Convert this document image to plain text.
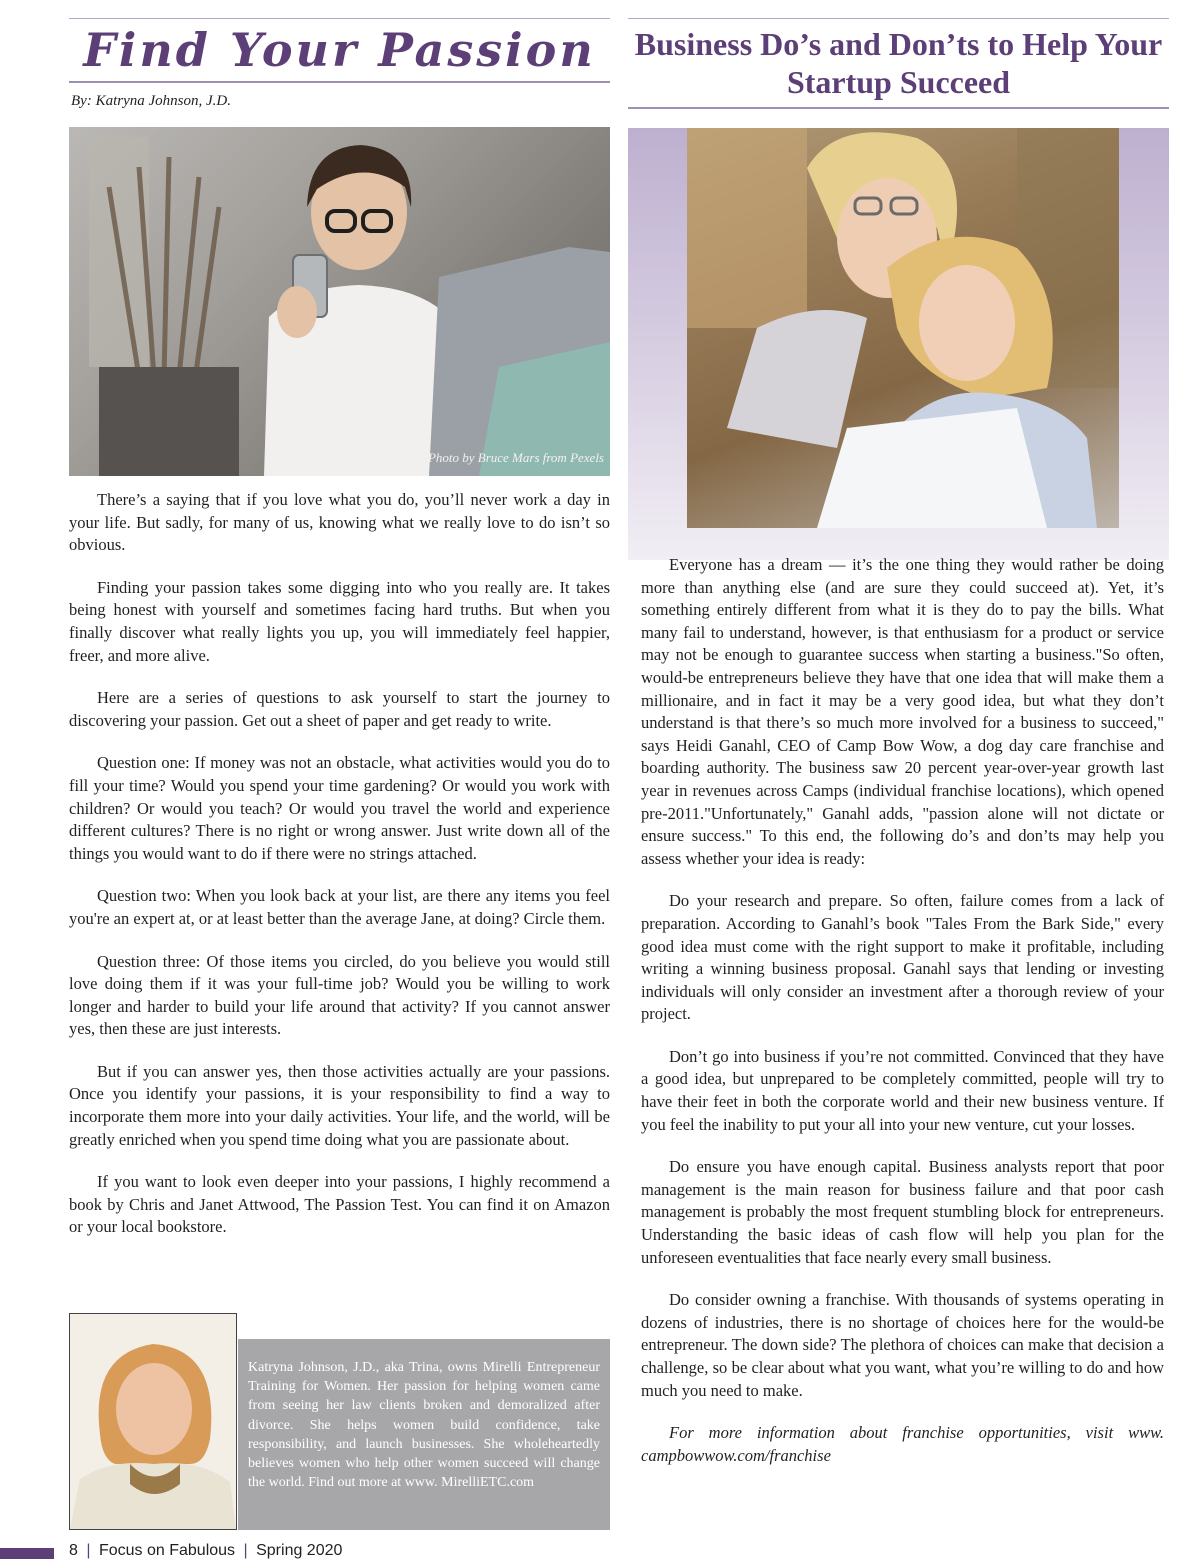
Find Your Passion
By: Katryna Johnson, J.D.
Photo by Bruce Mars from Pexels

There’s a saying that if you love what you do, you’ll never work a day in your life. But sadly, for many of us, knowing what we really love to do isn’t so obvious.

Finding your passion takes some digging into who you really are. It takes being honest with yourself and sometimes facing hard truths. But when you finally discover what really lights you up, you will immediately feel happier, freer, and more alive.

Here are a series of questions to ask yourself to start the journey to discovering your passion. Get out a sheet of paper and get ready to write.

Question one: If money was not an obstacle, what activities would you do to fill your time? Would you spend your time gardening? Or would you work with children? Or would you teach? Or would you travel the world and experience different cultures? There is no right or wrong answer. Just write down all of the things you would want to do if there were no strings attached.

Question two: When you look back at your list, are there any items you feel you're an expert at, or at least better than the average Jane, at doing? Circle them.

Question three: Of those items you circled, do you believe you would still love doing them if it was your full-time job? Would you be willing to work longer and harder to build your life around that activity? If you cannot answer yes, then these are just interests.

But if you can answer yes, then those activities actually are your passions. Once you identify your passions, it is your responsibility to find a way to incorporate them more into your daily activities. Your life, and the world, will be greatly enriched when you spend time doing what you are passionate about.

If you want to look even deeper into your passions, I highly recommend a book by Chris and Janet Attwood, The Passion Test. You can find it on Amazon or your local bookstore.

Katryna Johnson, J.D., aka Trina, owns Mirelli Entrepreneur Training for Women. Her passion for helping women came from seeing her law clients broken and demoralized after divorce. She helps women build confidence, take responsibility, and launch businesses. She wholeheartedly believes women who help other women succeed will change the world. Find out more at www. MirelliETC.com

Business Do’s and Don’ts to Help Your Startup Succeed

Everyone has a dream — it’s the one thing they would rather be doing more than anything else (and are sure they could succeed at). Yet, it’s something entirely different from what it is they do to pay the bills. What many fail to understand, however, is that enthusiasm for a product or service may not be enough to guarantee success when starting a business."So often, would-be entrepreneurs believe they have that one idea that will make them a millionaire, and in fact it may be a very good idea, but what they don’t understand is that there’s so much more involved for a business to succeed," says Heidi Ganahl, CEO of Camp Bow Wow, a dog day care franchise and boarding authority. The business saw 20 percent year-over-year growth last year in revenues across Camps (individual franchise locations), which opened pre-2011."Unfortunately," Ganahl adds, "passion alone will not dictate or ensure success." To this end, the following do’s and don’ts may help you assess whether your idea is ready:

Do your research and prepare. So often, failure comes from a lack of preparation. According to Ganahl’s book "Tales From the Bark Side," every good idea must come with the right support to make it profitable, including writing a winning business proposal. Ganahl says that lending or investing individuals will only consider an investment after a thorough review of your project.

Don’t go into business if you’re not committed. Convinced that they have a good idea, but unprepared to be completely committed, people will try to have their feet in both the corporate world and their new business venture. If you feel the inability to put your all into your new venture, cut your losses.

Do ensure you have enough capital. Business analysts report that poor management is the main reason for business failure and that poor cash management is probably the most frequent stumbling block for entrepreneurs. Understanding the basic ideas of cash flow will help you plan for the unforeseen eventualities that face nearly every small business.

Do consider owning a franchise. With thousands of systems operating in dozens of industries, there is no shortage of choices here for the would-be entrepreneur. The down side? The plethora of choices can make that decision a challenge, so be clear about what you want, what you’re willing to do and how much you need to make.

For more information about franchise opportunities, visit www. campbowwow.com/franchise

8 | Focus on Fabulous | Spring 2020
